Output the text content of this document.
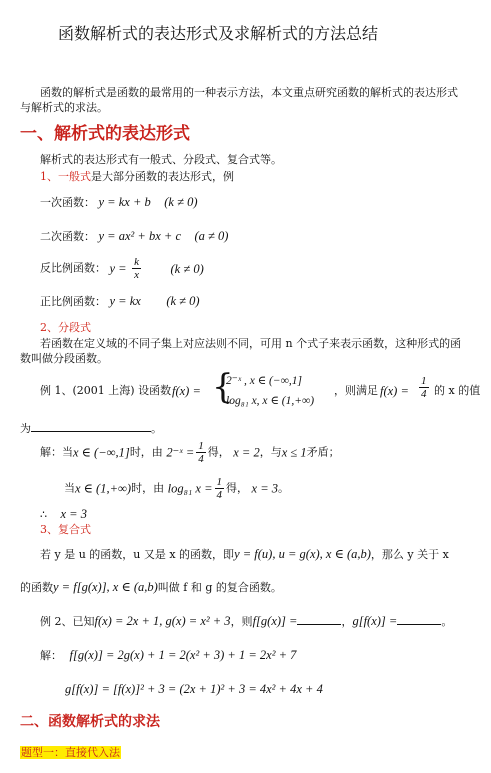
函数解析式的表达形式及求解析式的方法总结
函数的解析式是函数的最常用的一种表示方法，本文重点研究函数的解析式的表达形式
与解析式的求法。
一、解析式的表达形式
解析式的表达形式有一般式、分段式、复合式等。
1、一般式是大部分函数的表达形式，例
一次函数： y = kx + b (k ≠ 0)
二次函数： y = ax² + bx + c (a ≠ 0)
反比例函数： $y = \frac{k}{x} (k \ne 0)$
正比例函数： y = kx (k ≠ 0)
2、分段式
若函数在定义域的不同子集上对应法则不同，可用 n 个式子来表示函数，这种形式的函
数叫做分段函数。
例 1、(2001 上海) 设函数 f(x) = {
2⁻ˣ , x ∈ (−∞,1]
log₈₁ x, x ∈ (1,+∞)
，则满足 $f(x) = \frac{1}{4}$ 的 x 的值
为	。
解：当x ∈ (−∞,1]时，由 2⁻ˣ = $\frac{1}{4}$ 得， x = 2，与x ≤ 1矛盾；
当x ∈ (1,+∞)时，由 log₈₁ $x = \frac{1}{4}$ 得， x = 3。
∴ x = 3
3、复合式
若 y 是 u 的函数，u 又是 x 的函数，即y = f(u), u = g(x), x ∈ (a,b)，那么 y 关于 x
的函数y = f[g(x)], x ∈ (a,b)叫做 f 和 g 的复合函数。
例 2、已知f(x) = 2x + 1, g(x) = x² + 3，则f[g(x)] =	，g[f(x)] =	。
解： f[g(x)] = 2g(x) + 1 = 2(x² + 3) + 1 = 2x² + 7
g[f(x)] = [f(x)]² + 3 = (2x + 1)² + 3 = 4x² + 4x + 4
二、函数解析式的求法
题型一：直接代入法
